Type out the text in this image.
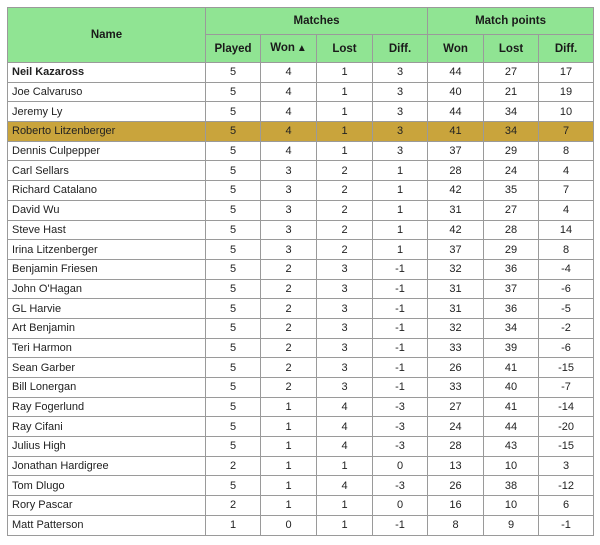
Name	Matches				Match points		
	Played	Won ▲	Lost	Diff.	Won	Lost	Diff.
Neil Kazaross	5	4	1	3	44	27	17
Joe Calvaruso	5	4	1	3	40	21	19
Jeremy Ly	5	4	1	3	44	34	10
Roberto Litzenberger	5	4	1	3	41	34	7
Dennis Culpepper	5	4	1	3	37	29	8
Carl Sellars	5	3	2	1	28	24	4
Richard Catalano	5	3	2	1	42	35	7
David Wu	5	3	2	1	31	27	4
Steve Hast	5	3	2	1	42	28	14
Irina Litzenberger	5	3	2	1	37	29	8
Benjamin Friesen	5	2	3	-1	32	36	-4
John O'Hagan	5	2	3	-1	31	37	-6
GL Harvie	5	2	3	-1	31	36	-5
Art Benjamin	5	2	3	-1	32	34	-2
Teri Harmon	5	2	3	-1	33	39	-6
Sean Garber	5	2	3	-1	26	41	-15
Bill Lonergan	5	2	3	-1	33	40	-7
Ray Fogerlund	5	1	4	-3	27	41	-14
Ray Cifani	5	1	4	-3	24	44	-20
Julius High	5	1	4	-3	28	43	-15
Jonathan Hardigree	2	1	1	0	13	10	3
Tom Dlugo	5	1	4	-3	26	38	-12
Rory Pascar	2	1	1	0	16	10	6
Matt Patterson	1	0	1	-1	8	9	-1
